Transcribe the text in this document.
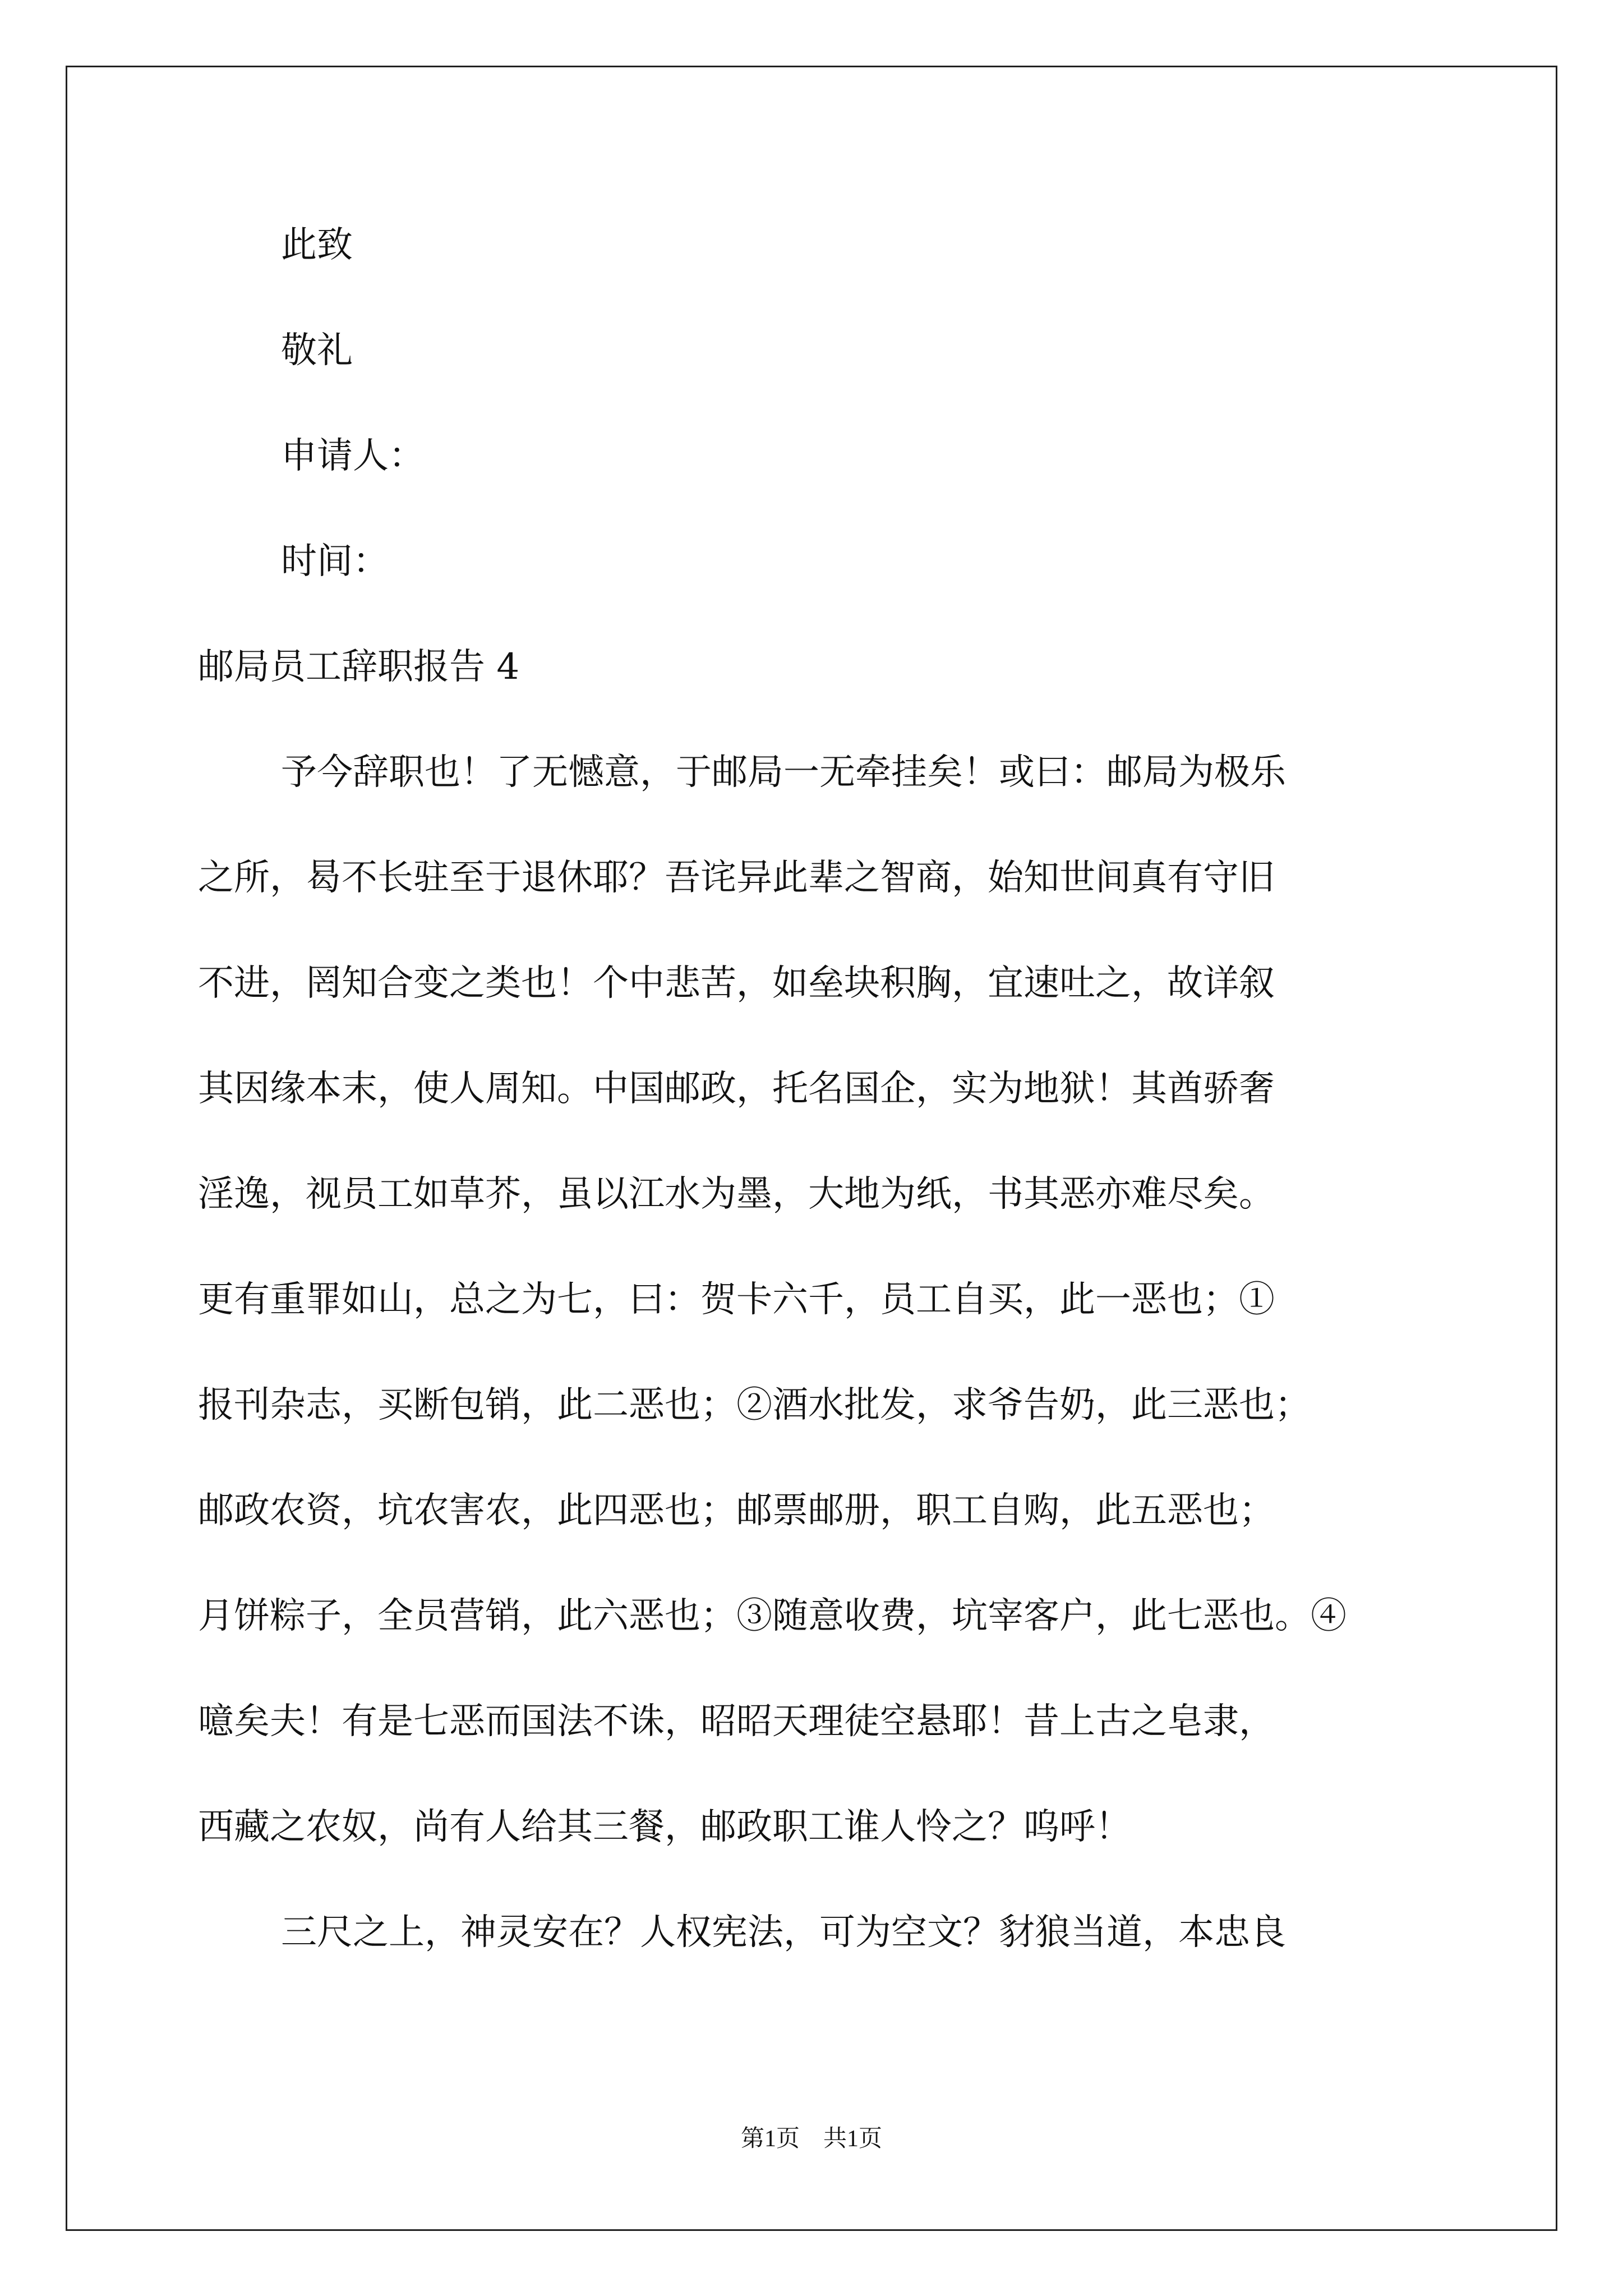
此致
敬礼
申请人：
时间：
邮局员工辞职报告 4
予今辞职也！了无憾意，于邮局一无牵挂矣！或曰：邮局为极乐
之所，曷不长驻至于退休耶？吾诧异此辈之智商，始知世间真有守旧
不进，罔知合变之类也！个中悲苦，如垒块积胸，宜速吐之，故详叙
其因缘本末，使人周知。中国邮政，托名国企，实为地狱！其酋骄奢
淫逸，视员工如草芥，虽以江水为墨，大地为纸，书其恶亦难尽矣。
更有重罪如山，总之为七，曰：贺卡六千，员工自买，此一恶也；①
报刊杂志，买断包销，此二恶也；②酒水批发，求爷告奶，此三恶也；
邮政农资，坑农害农，此四恶也；邮票邮册，职工自购，此五恶也；
月饼粽子，全员营销，此六恶也；③随意收费，坑宰客户，此七恶也。④
噫矣夫！有是七恶而国法不诛，昭昭天理徒空悬耶！昔上古之皂隶，
西藏之农奴，尚有人给其三餐，邮政职工谁人怜之？呜呼！
三尺之上，神灵安在？人权宪法，可为空文？豺狼当道，本忠良
第1页　共1页
